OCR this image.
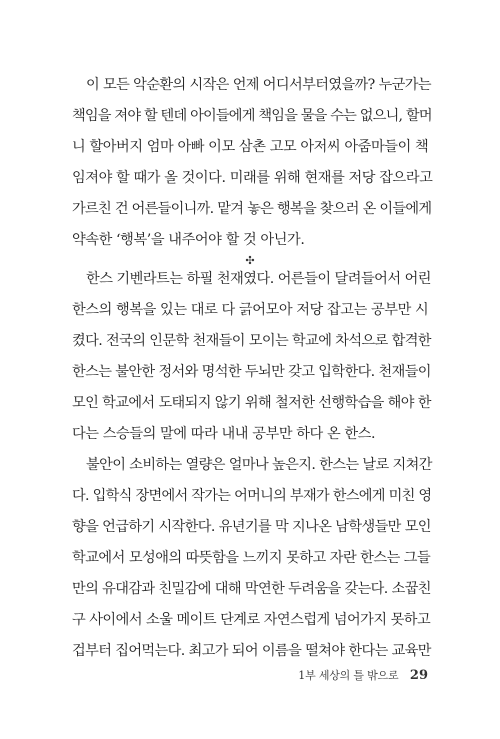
이 모든 악순환의 시작은 언제 어디서부터였을까? 누군가는
책임을 져야 할 텐데 아이들에게 책임을 물을 수는 없으니, 할머
니 할아버지 엄마 아빠 이모 삼촌 고모 아저씨 아줌마들이 책
임져야 할 때가 올 것이다. 미래를 위해 현재를 저당 잡으라고
가르친 건 어른들이니까. 맡겨 놓은 행복을 찾으러 온 이들에게
약속한 ‘행복’을 내주어야 할 것 아닌가.
✣
한스 기벤라트는 하필 천재였다. 어른들이 달려들어서 어린
한스의 행복을 있는 대로 다 긁어모아 저당 잡고는 공부만 시
켰다. 전국의 인문학 천재들이 모이는 학교에 차석으로 합격한
한스는 불안한 정서와 명석한 두뇌만 갖고 입학한다. 천재들이
모인 학교에서 도태되지 않기 위해 철저한 선행학습을 해야 한
다는 스승들의 말에 따라 내내 공부만 하다 온 한스.
불안이 소비하는 열량은 얼마나 높은지. 한스는 날로 지쳐간
다. 입학식 장면에서 작가는 어머니의 부재가 한스에게 미친 영
향을 언급하기 시작한다. 유년기를 막 지나온 남학생들만 모인
학교에서 모성애의 따뜻함을 느끼지 못하고 자란 한스는 그들
만의 유대감과 친밀감에 대해 막연한 두려움을 갖는다. 소꿉친
구 사이에서 소울 메이트 단계로 자연스럽게 넘어가지 못하고
겁부터 집어먹는다. 최고가 되어 이름을 떨쳐야 한다는 교육만
1부 세상의 틀 밖으로 29
